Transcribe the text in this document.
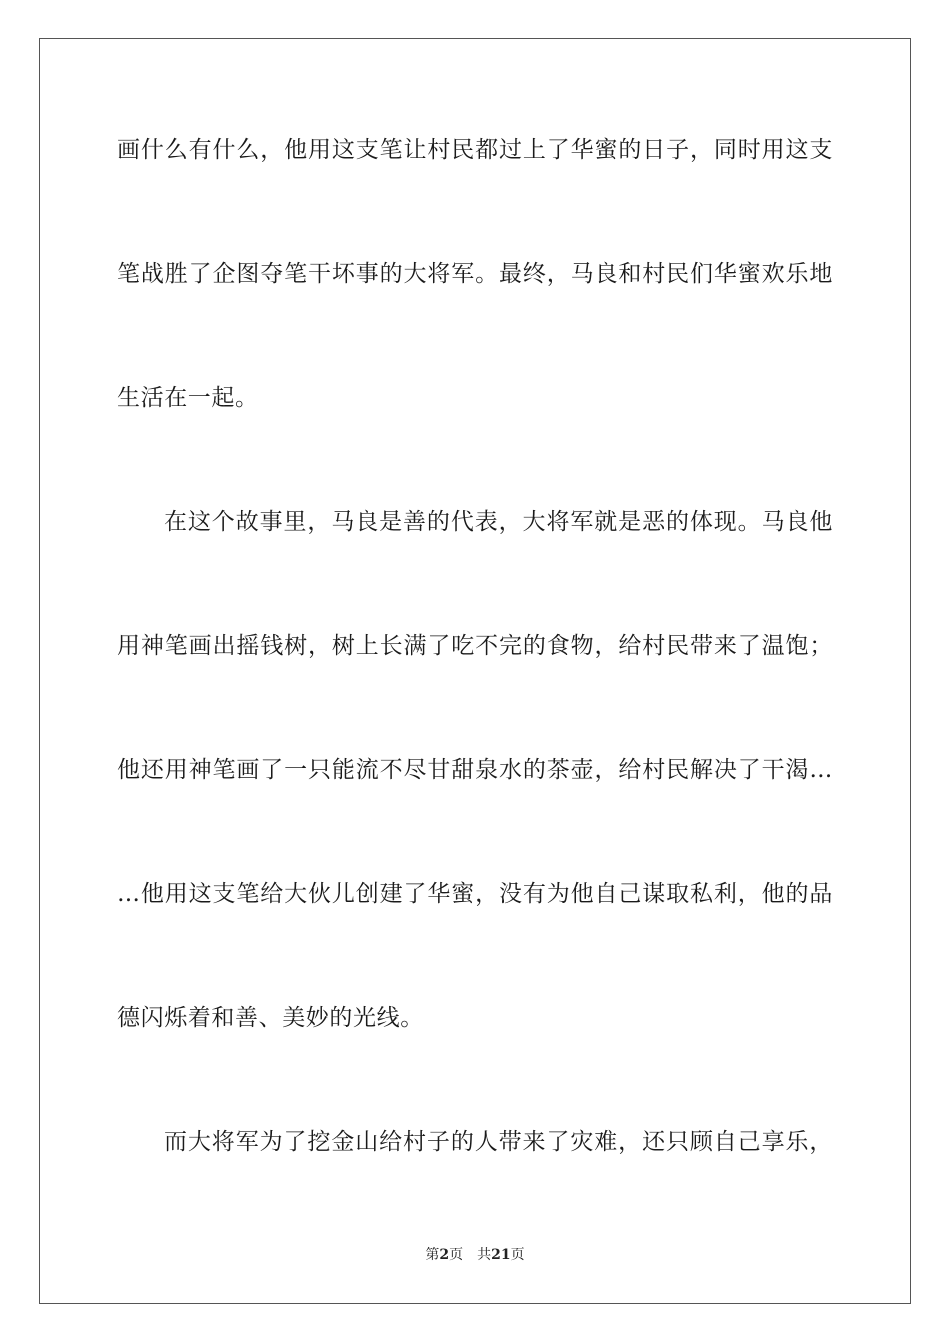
画什么有什么，他用这支笔让村民都过上了华蜜的日子，同时用这支
笔战胜了企图夺笔干坏事的大将军。最终，马良和村民们华蜜欢乐地
生活在一起。
在这个故事里，马良是善的代表，大将军就是恶的体现。马良他
用神笔画出摇钱树，树上长满了吃不完的食物，给村民带来了温饱；
他还用神笔画了一只能流不尽甘甜泉水的茶壶，给村民解决了干渴…
…他用这支笔给大伙儿创建了华蜜，没有为他自己谋取私利，他的品
德闪烁着和善、美妙的光线。
而大将军为了挖金山给村子的人带来了灾难，还只顾自己享乐，
第2页 共21页
